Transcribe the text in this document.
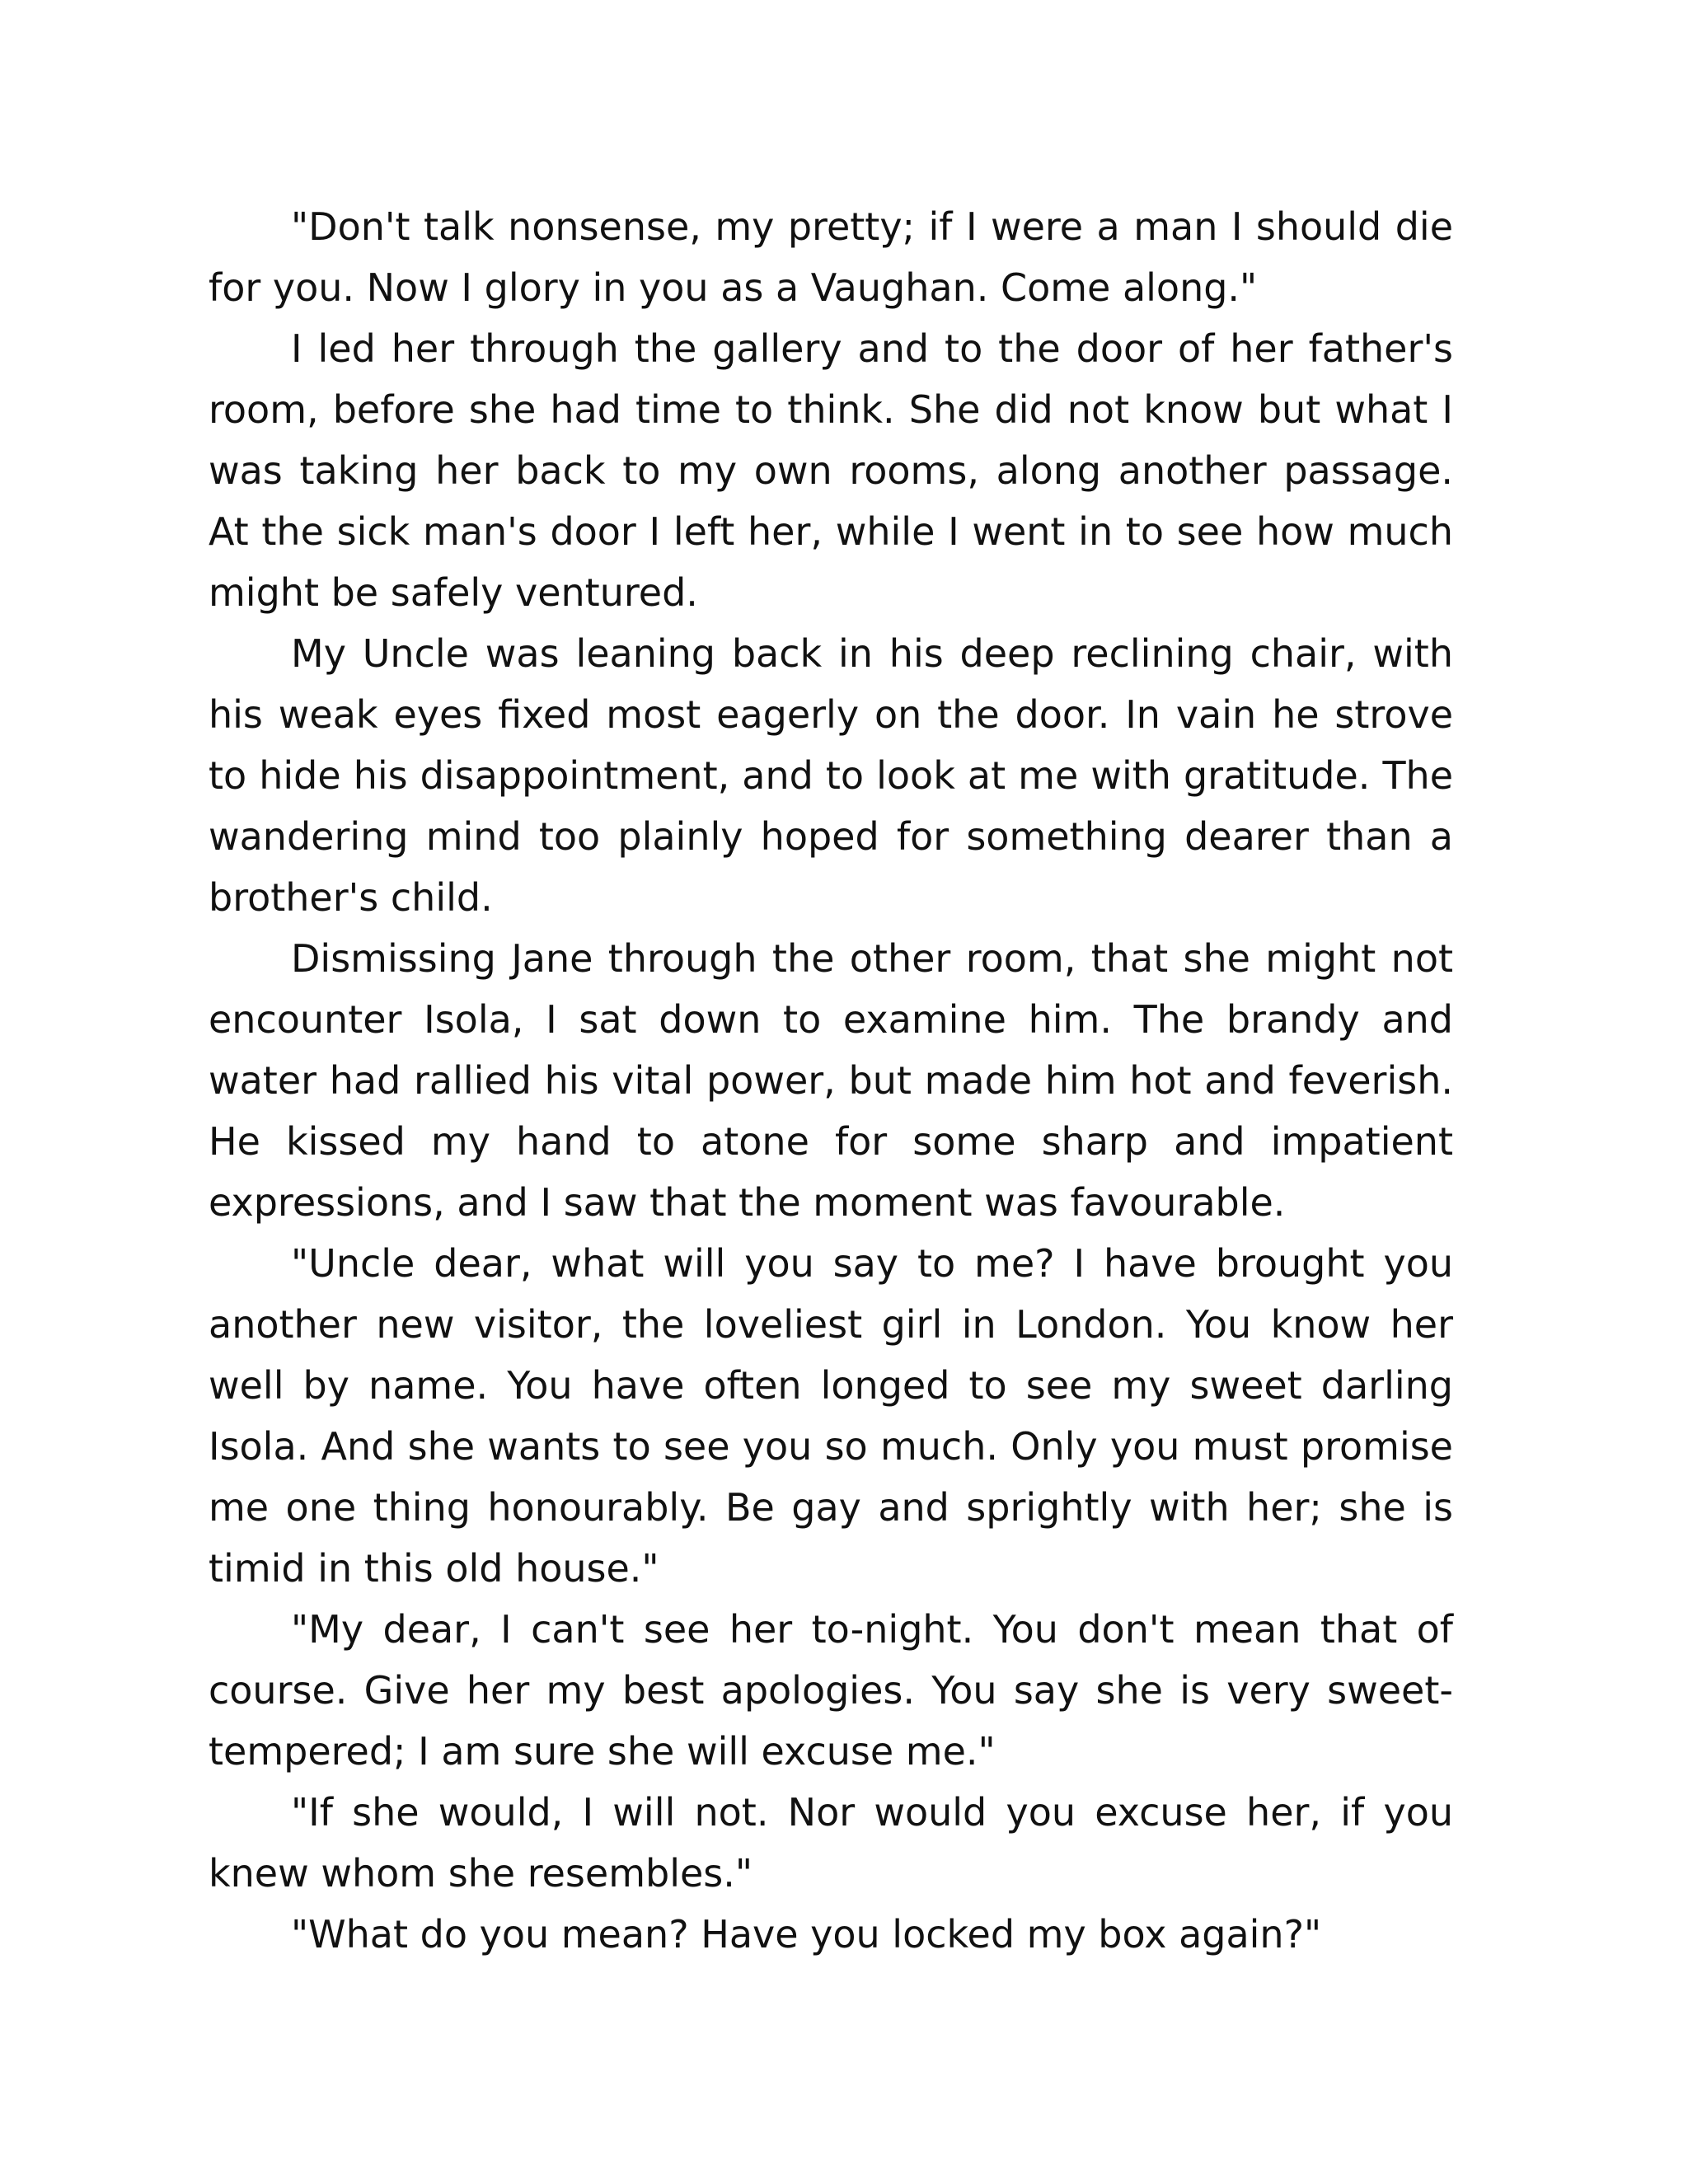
"Don't talk nonsense, my pretty; if I were a man I should die for you. Now I glory in you as a Vaughan. Come along."

I led her through the gallery and to the door of her father's room, before she had time to think. She did not know but what I was taking her back to my own rooms, along another passage. At the sick man's door I left her, while I went in to see how much might be safely ventured.

My Uncle was leaning back in his deep reclining chair, with his weak eyes fixed most eagerly on the door. In vain he strove to hide his disappointment, and to look at me with gratitude. The wandering mind too plainly hoped for something dearer than a brother's child.

Dismissing Jane through the other room, that she might not encounter Isola, I sat down to examine him. The brandy and water had rallied his vital power, but made him hot and feverish. He kissed my hand to atone for some sharp and impatient expressions, and I saw that the moment was favourable.

"Uncle dear, what will you say to me? I have brought you another new visitor, the loveliest girl in London. You know her well by name. You have often longed to see my sweet darling Isola. And she wants to see you so much. Only you must promise me one thing honourably. Be gay and sprightly with her; she is timid in this old house."

"My dear, I can't see her to-night. You don't mean that of course. Give her my best apologies. You say she is very sweet-tempered; I am sure she will excuse me."

"If she would, I will not. Nor would you excuse her, if you knew whom she resembles."

"What do you mean? Have you locked my box again?"
